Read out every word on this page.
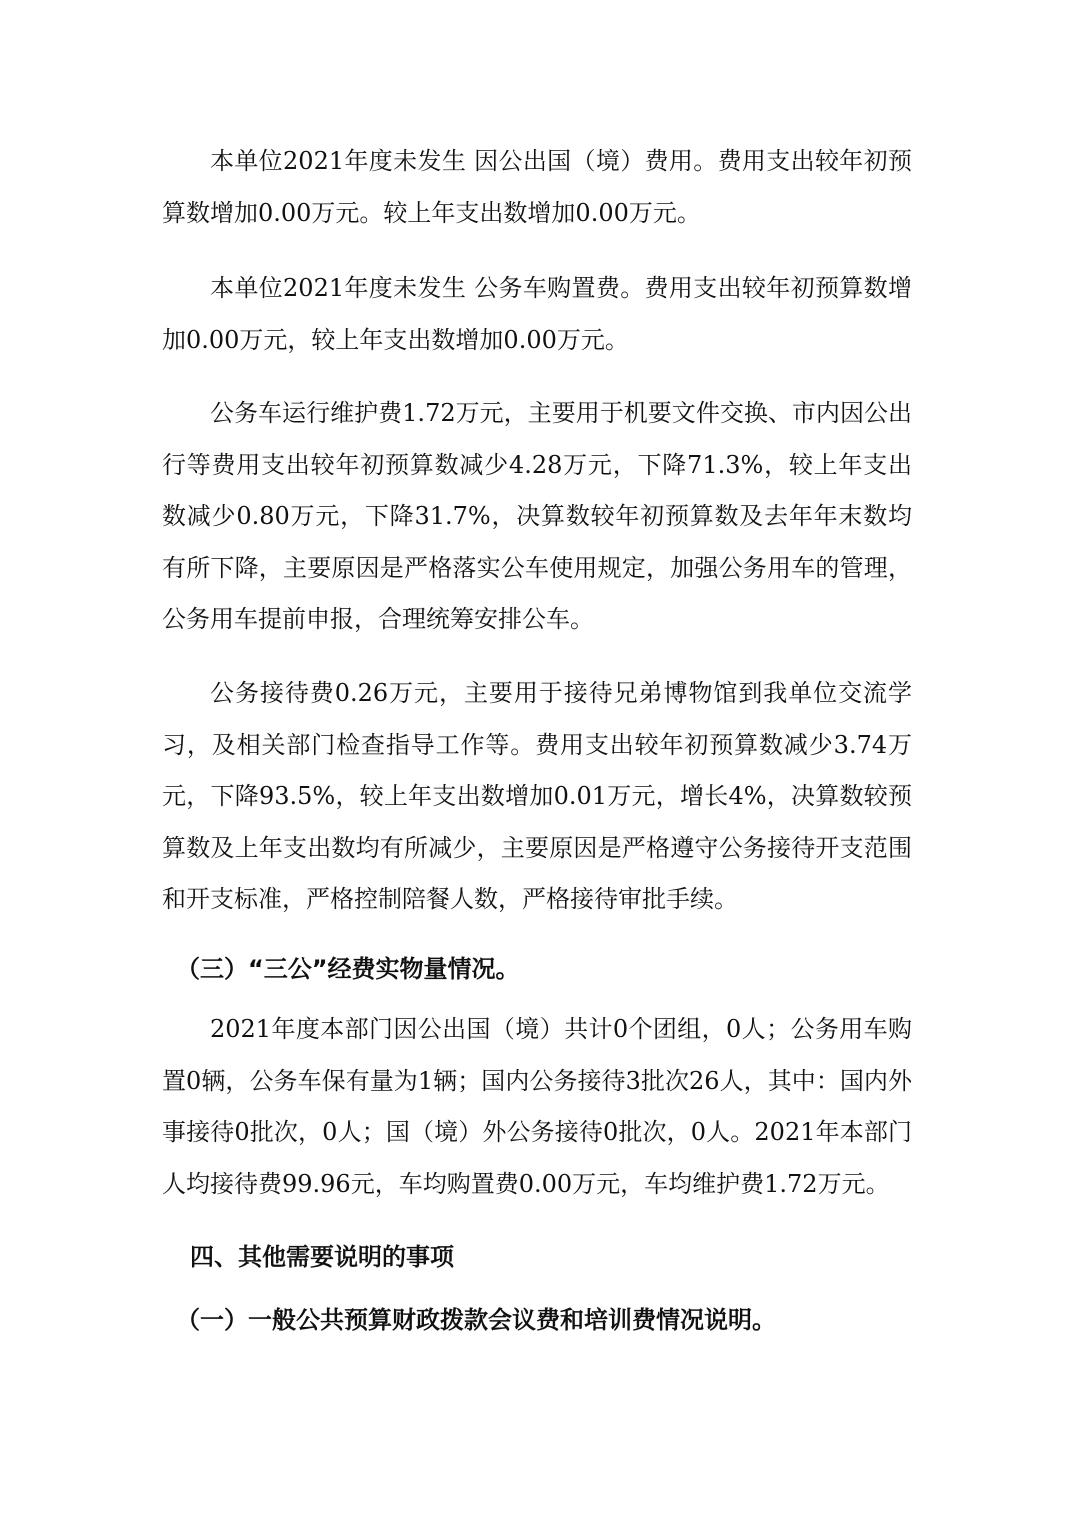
本单位2021年度未发生 因公出国（境）费用。费用支出较年初预算数增加0.00万元。较上年支出数增加0.00万元。

本单位2021年度未发生 公务车购置费。费用支出较年初预算数增加0.00万元，较上年支出数增加0.00万元。

公务车运行维护费1.72万元，主要用于机要文件交换、市内因公出行等费用支出较年初预算数减少4.28万元，下降71.3%，较上年支出数减少0.80万元，下降31.7%，决算数较年初预算数及去年年末数均有所下降，主要原因是严格落实公车使用规定，加强公务用车的管理，公务用车提前申报，合理统筹安排公车。

公务接待费0.26万元，主要用于接待兄弟博物馆到我单位交流学习，及相关部门检查指导工作等。费用支出较年初预算数减少3.74万元，下降93.5%，较上年支出数增加0.01万元，增长4%，决算数较预算数及上年支出数均有所减少，主要原因是严格遵守公务接待开支范围和开支标准，严格控制陪餐人数，严格接待审批手续。

（三）“三公”经费实物量情况。

2021年度本部门因公出国（境）共计0个团组，0人；公务用车购置0辆，公务车保有量为1辆；国内公务接待3批次26人，其中：国内外事接待0批次，0人；国（境）外公务接待0批次，0人。2021年本部门人均接待费99.96元，车均购置费0.00万元，车均维护费1.72万元。

四、其他需要说明的事项
（一）一般公共预算财政拨款会议费和培训费情况说明。
